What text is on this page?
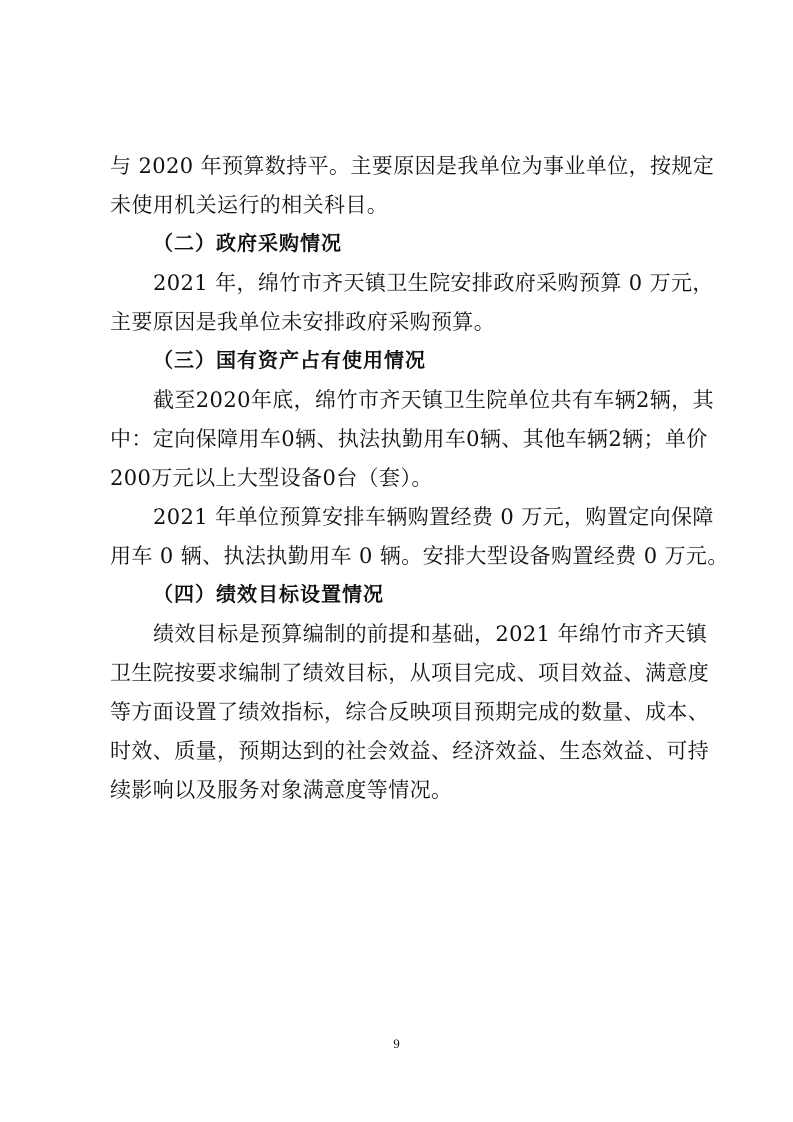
与 2020 年预算数持平。主要原因是我单位为事业单位，按规定
未使用机关运行的相关科目。
（二）政府采购情况
2021 年，绵竹市齐天镇卫生院安排政府采购预算 0 万元，
主要原因是我单位未安排政府采购预算。
（三）国有资产占有使用情况
截至2020年底，绵竹市齐天镇卫生院单位共有车辆2辆，其
中：定向保障用车0辆、执法执勤用车0辆、其他车辆2辆；单价
200万元以上大型设备0台（套）。
2021 年单位预算安排车辆购置经费 0 万元，购置定向保障
用车 0 辆、执法执勤用车 0 辆。安排大型设备购置经费 0 万元。
（四）绩效目标设置情况
绩效目标是预算编制的前提和基础，2021 年绵竹市齐天镇
卫生院按要求编制了绩效目标，从项目完成、项目效益、满意度
等方面设置了绩效指标，综合反映项目预期完成的数量、成本、
时效、质量，预期达到的社会效益、经济效益、生态效益、可持
续影响以及服务对象满意度等情况。
9
